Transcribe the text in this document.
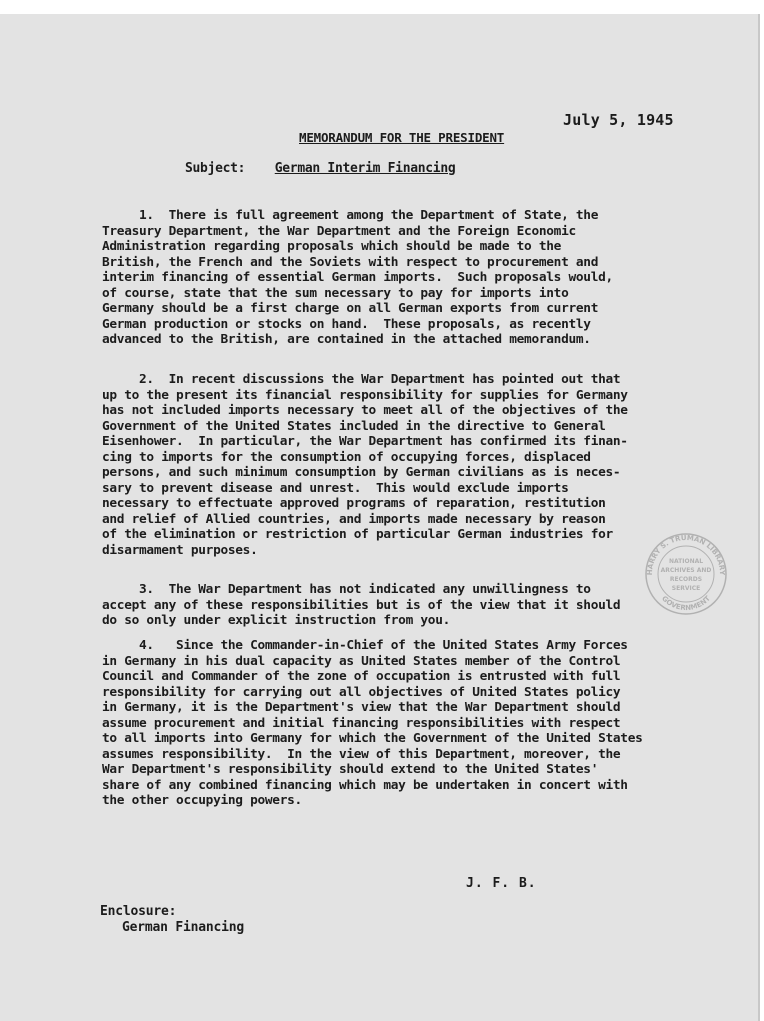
July 5, 1945
MEMORANDUM FOR THE PRESIDENT
Subject: German Interim Financing

1.  There is full agreement among the Department of State, the
Treasury Department, the War Department and the Foreign Economic
Administration regarding proposals which should be made to the
British, the French and the Soviets with respect to procurement and
interim financing of essential German imports.  Such proposals would,
of course, state that the sum necessary to pay for imports into
Germany should be a first charge on all German exports from current
German production or stocks on hand.  These proposals, as recently
advanced to the British, are contained in the attached memorandum.

2.  In recent discussions the War Department has pointed out that
up to the present its financial responsibility for supplies for Germany
has not included imports necessary to meet all of the objectives of the
Government of the United States included in the directive to General
Eisenhower.  In particular, the War Department has confirmed its finan-
cing to imports for the consumption of occupying forces, displaced
persons, and such minimum consumption by German civilians as is neces-
sary to prevent disease and unrest.  This would exclude imports
necessary to effectuate approved programs of reparation, restitution
and relief of Allied countries, and imports made necessary by reason
of the elimination or restriction of particular German industries for
disarmament purposes.

3.  The War Department has not indicated any unwillingness to
accept any of these responsibilities but is of the view that it should
do so only under explicit instruction from you.

4.   Since the Commander-in-Chief of the United States Army Forces
in Germany in his dual capacity as United States member of the Control
Council and Commander of the zone of occupation is entrusted with full
responsibility for carrying out all objectives of United States policy
in Germany, it is the Department's view that the War Department should
assume procurement and initial financing responsibilities with respect
to all imports into Germany for which the Government of the United States
assumes responsibility.  In the view of this Department, moreover, the
War Department's responsibility should extend to the United States'
share of any combined financing which may be undertaken in concert with
the other occupying powers.

J. F. B.
Enclosure:
German Financing
HARRY S. TRUMAN LIBRARY
GOVERNMENT
NATIONAL
ARCHIVES AND
RECORDS
SERVICE
